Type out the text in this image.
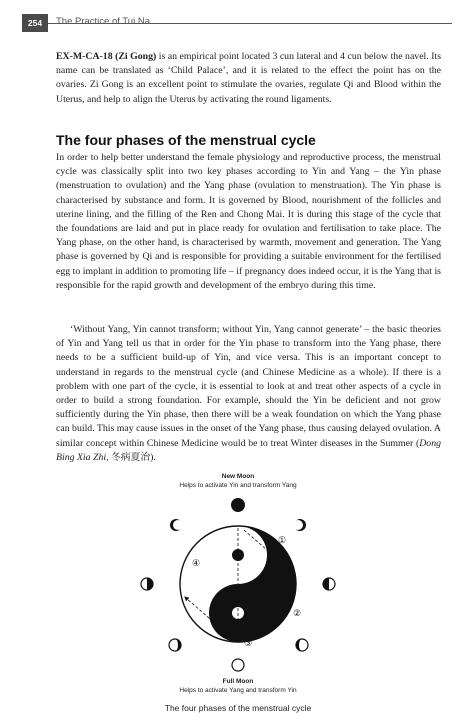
254	The Practice of Tui Na

EX-M-CA-18 (Zi Gong) is an empirical point located 3 cun lateral and 4 cun below the navel. Its name can be translated as ‘Child Palace’, and it is related to the effect the point has on the ovaries. Zi Gong is an excellent point to stimulate the ovaries, regulate Qi and Blood within the Uterus, and help to align the Uterus by activating the round ligaments.

The four phases of the menstrual cycle

In order to help better understand the female physiology and reproductive process, the menstrual cycle was classically split into two key phases according to Yin and Yang – the Yin phase (menstruation to ovulation) and the Yang phase (ovulation to menstruation). The Yin phase is characterised by substance and form. It is governed by Blood, nourishment of the follicles and uterine lining, and the filling of the Ren and Chong Mai. It is during this stage of the cycle that the foundations are laid and put in place ready for ovulation and fertilisation to take place. The Yang phase, on the other hand, is characterised by warmth, movement and generation. The Yang phase is governed by Qi and is responsible for providing a suitable environment for the fertilised egg to implant in addition to promoting life – if pregnancy does indeed occur, it is the Yang that is responsible for the rapid growth and development of the embryo during this time.

‘Without Yang, Yin cannot transform; without Yin, Yang cannot generate’ – the basic theories of Yin and Yang tell us that in order for the Yin phase to transform into the Yang phase, there needs to be a sufficient build-up of Yin, and vice versa. This is an important concept to understand in regards to the menstrual cycle (and Chinese Medicine as a whole). If there is a problem with one part of the cycle, it is essential to look at and treat other aspects of a cycle in order to build a strong foundation. For example, should the Yin be deficient and not grow sufficiently during the Yin phase, then there will be a weak foundation on which the Yang phase can build. This may cause issues in the onset of the Yang phase, thus causing delayed ovulation. A similar concept within Chinese Medicine would be to treat Winter diseases in the Summer (Dong Bing Xia Zhi, 冬病夏治).

New Moon
Helps to activate Yin and transform Yang
①
②
③
④
Full Moon
Helps to activate Yang and transform Yin
The four phases of the menstrual cycle
